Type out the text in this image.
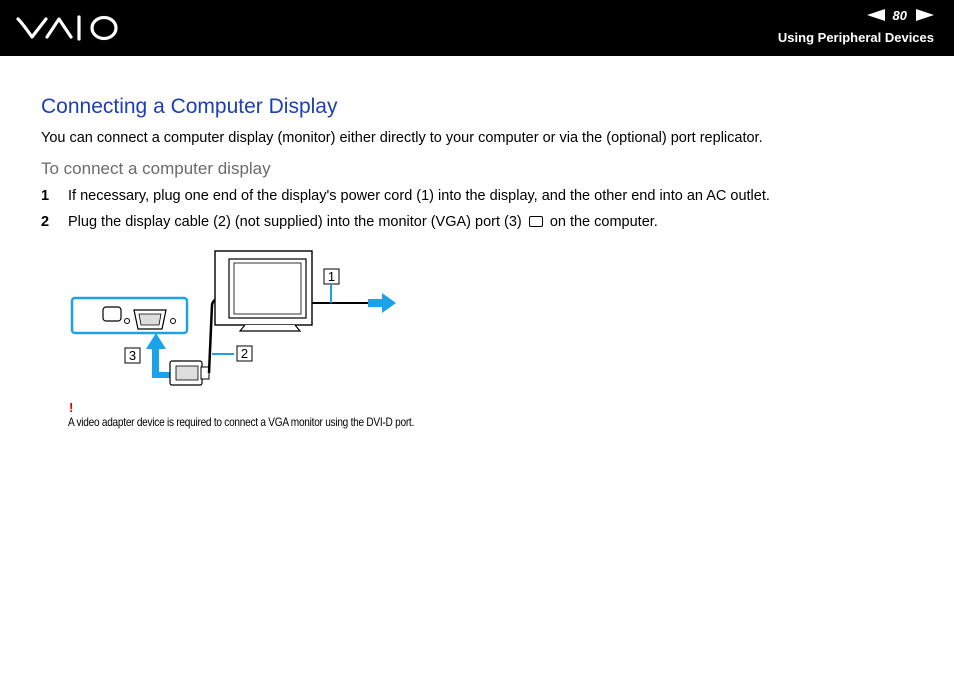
80
Using Peripheral Devices
Connecting a Computer Display

You can connect a computer display (monitor) either directly to your computer or via the (optional) port replicator.

To connect a computer display
1	If necessary, plug one end of the display's power cord (1) into the display, and the other end into an AC outlet.
2	Plug the display cable (2) (not supplied) into the monitor (VGA) port (3) on the computer.
2
3
1
!
A video adapter device is required to connect a VGA monitor using the DVI-D port.
